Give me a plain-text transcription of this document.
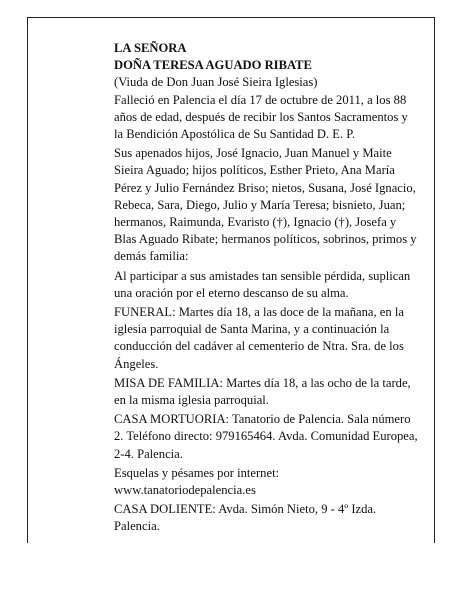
LA SEÑORA

DOÑA TERESA AGUADO RIBATE

(Viuda de Don Juan José Sieira Iglesias)

Falleció en Palencia el día 17 de octubre de 2011, a los 88 años de edad, después de recibir los Santos Sacramentos y la Bendición Apostólica de Su Santidad D. E. P.

Sus apenados hijos, José Ignacio, Juan Manuel y Maite Sieira Aguado; hijos políticos, Esther Prieto, Ana María Pérez y Julio Fernández Briso; nietos, Susana, José Ignacio, Rebeca, Sara, Diego, Julio y María Teresa; bisnieto, Juan; hermanos, Raimunda, Evaristo (†), Ignacio (†), Josefa y Blas Aguado Ribate; hermanos políticos, sobrinos, primos y demás familia:

Al participar a sus amistades tan sensible pérdida, suplican una oración por el eterno descanso de su alma.

FUNERAL: Martes día 18, a las doce de la mañana, en la iglesia parroquial de Santa Marina, y a continuación la conducción del cadáver al cementerio de Ntra. Sra. de los Ángeles.

MISA DE FAMILIA: Martes día 18, a las ocho de la tarde, en la misma iglesia parroquial.

CASA MORTUORIA: Tanatorio de Palencia. Sala número 2. Teléfono directo: 979165464. Avda. Comunidad Europea, 2-4. Palencia.

Esquelas y pésames por internet:

www.tanatoriodepalencia.es

CASA DOLIENTE: Avda. Simón Nieto, 9 - 4º Izda. Palencia.
